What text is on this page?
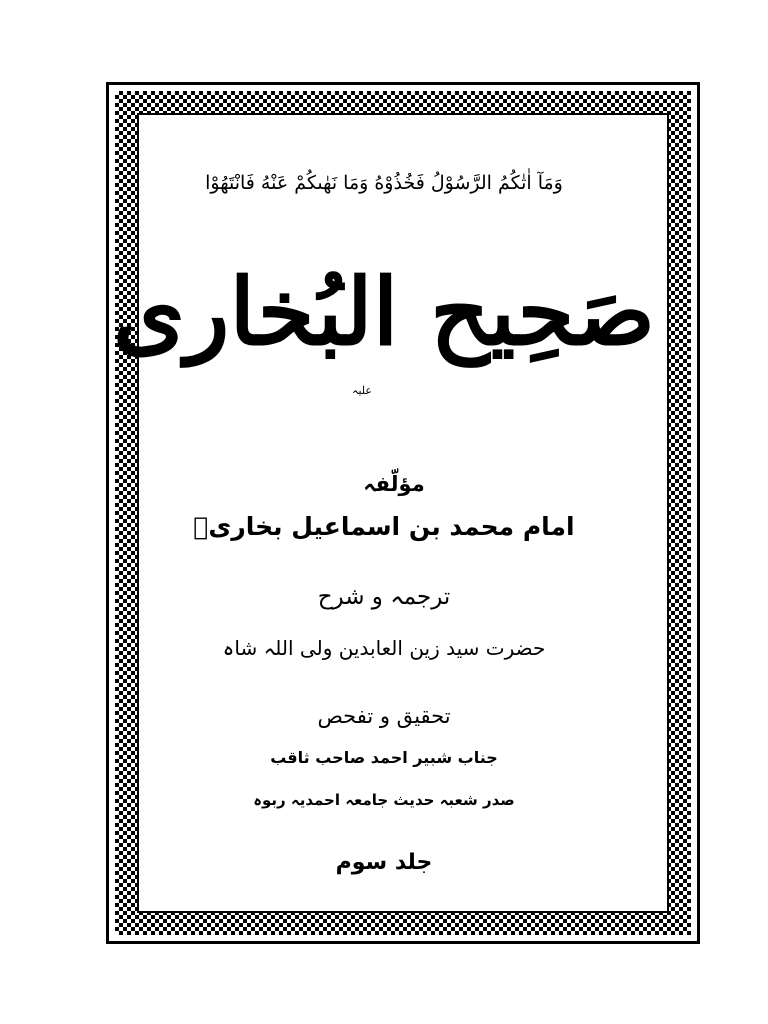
وَمَآ اٰتٰكُمُ الرَّسُوْلُ فَخُذُوْهُ وَمَا نَهٰىكُمْ عَنْهُ فَانْتَهُوْا
صَحِیح البُخاری
علیہ
مؤلّفہ
امام محمد بن اسماعیل بخاریؒ
ترجمہ و شرح
حضرت سید زین العابدین ولی اللہ شاہ
تحقیق و تفحص
جناب شبیر احمد صاحب ثاقب
صدر شعبہ حدیث جامعہ احمدیہ ربوہ
جلد سوم
